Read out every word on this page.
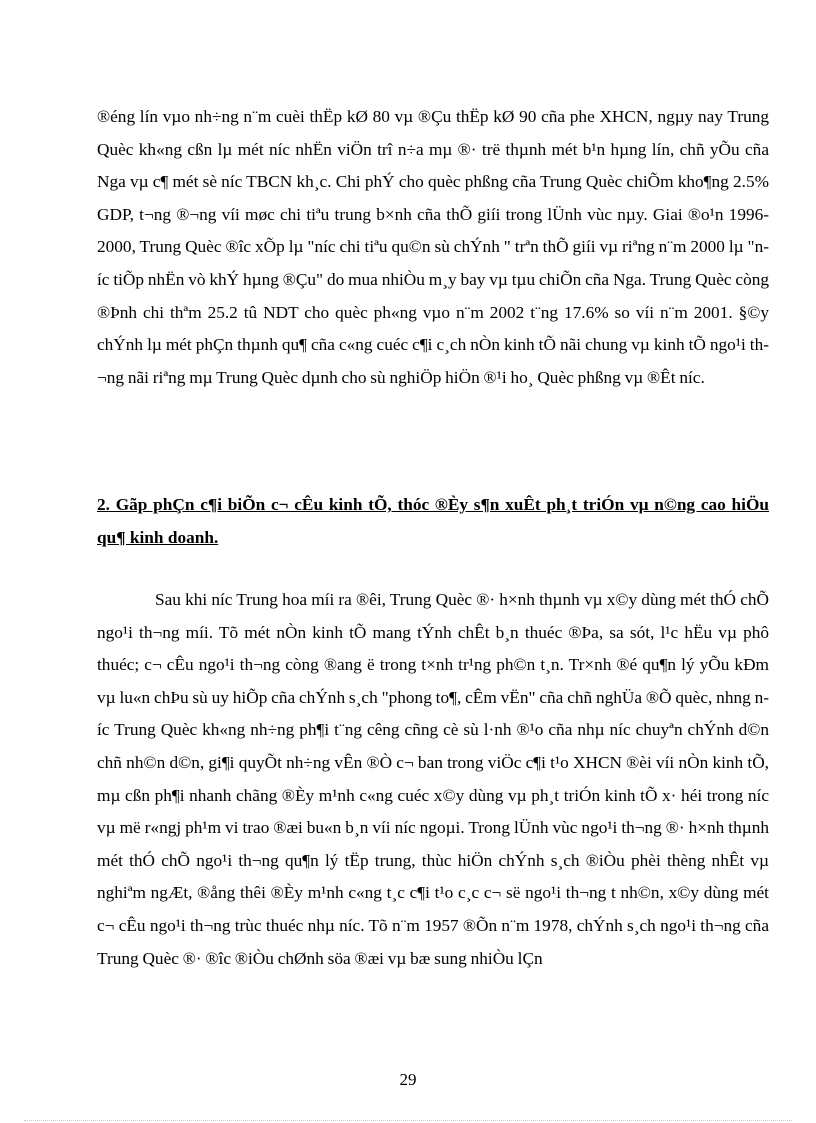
®éng lín vµo nh÷ng n¨m cuèi thËp kØ 80 vµ ®Çu thËp kØ 90 cña phe XHCN, ngµy nay Trung Quèc kh«ng cßn lµ mét níc nhËn viÖn trî n÷a mµ ®· trë thµnh mét b¹n hµng lín, chñ yÕu cña Nga vµ c¶ mét sè níc TBCN kh¸c. Chi phÝ cho quèc phßng cña Trung Quèc chiÕm kho¶ng 2.5% GDP, t¬ng ®¬ng víi møc chi tiªu trung b×nh cña thÕ giíi trong lÜnh vùc nµy. Giai ®o¹n 1996-2000, Trung Quèc ®îc xÕp lµ "níc chi tiªu qu©n sù chÝnh " trªn thÕ giíi vµ riªng n¨m 2000 lµ "níc tiÕp nhËn vò khÝ hµng ®Çu" do mua nhiÒu m¸y bay vµ tµu chiÕn cña Nga. Trung Quèc còng ®Þnh chi thªm 25.2 tû NDT cho quèc ph«ng vµo n¨m 2002 t¨ng 17.6% so víi n¨m 2001. §©y chÝnh lµ mét phÇn thµnh qu¶ cña c«ng cuéc c¶i c¸ch nÒn kinh tÕ nãi chung vµ kinh tÕ ngo¹i th¬ng nãi riªng mµ Trung Quèc dµnh cho sù nghiÖp hiÖn ®¹i ho¸ Quèc phßng vµ ®Êt níc.

2. Gãp phÇn c¶i biÕn c¬ cÊu kinh tÕ, thóc ®Èy s¶n xuÊt ph¸t triÓn vµ n©ng cao hiÖu qu¶ kinh doanh.

Sau khi níc Trung hoa míi ra ®êi, Trung Quèc ®· h×nh thµnh vµ x©y dùng mét thÓ chÕ ngo¹i th¬ng míi. Tõ mét nÒn kinh tÕ mang tÝnh chÊt b¸n thuéc ®Þa, sa sót, l¹c hËu vµ phô thuéc; c¬ cÊu ngo¹i th¬ng còng ®ang ë trong t×nh tr¹ng ph©n t¸n. Tr×nh ®é qu¶n lý yÕu kÐm vµ lu«n chÞu sù uy hiÕp cña chÝnh s¸ch "phong to¶, cÊm vËn" cña chñ nghÜa ®Õ quèc, nhng níc Trung Quèc kh«ng nh÷ng ph¶i t¨ng cêng cñng cè sù l·nh ®¹o cña nhµ níc chuyªn chÝnh d©n chñ nh©n d©n, gi¶i quyÕt nh÷ng vÊn ®Ò c¬ ban trong viÖc c¶i t¹o XHCN ®èi víi nÒn kinh tÕ, mµ cßn ph¶i nhanh chãng ®Èy m¹nh c«ng cuéc x©y dùng vµ ph¸t triÓn kinh tÕ x· héi trong níc vµ më r«ngj ph¹m vi trao ®æi bu«n b¸n víi níc ngoµi. Trong lÜnh vùc ngo¹i th¬ng ®· h×nh thµnh mét thÓ chÕ ngo¹i th¬ng qu¶n lý tËp trung, thùc hiÖn chÝnh s¸ch ®iÒu phèi thèng nhÊt vµ nghiªm ngÆt, ®ång thêi ®Èy m¹nh c«ng t¸c c¶i t¹o c¸c c¬ së ngo¹i th¬ng t nh©n, x©y dùng mét c¬ cÊu ngo¹i th¬ng trùc thuéc nhµ níc. Tõ n¨m 1957 ®Õn n¨m 1978, chÝnh s¸ch ngo¹i th¬ng cña Trung Quèc ®· ®îc ®iÒu chØnh söa ®æi vµ bæ sung nhiÒu lÇn

29
